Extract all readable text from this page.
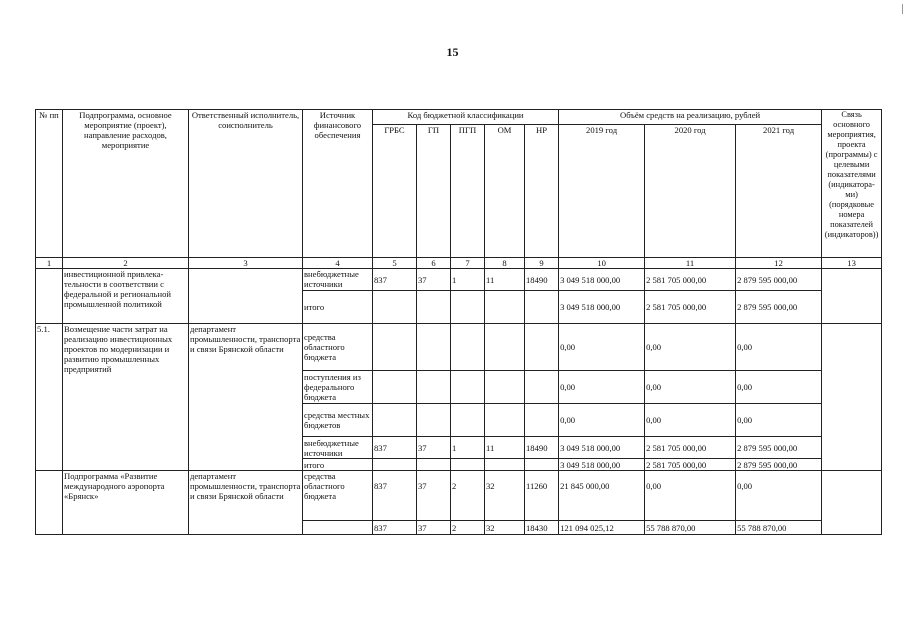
15
№ пп	Подпрограмма, основное мероприятие (проект), направление расходов, мероприятие	Ответственный исполнитель, соисполнитель	Источник финансового обеспечения	Код бюджетной классификации					Объём средств на реализацию, рублей			Связь основного мероприятия, проекта (программы) с целевыми показателями (индикатора-ми) (порядковые номера показателей (индикаторов))
				ГРБС	ГП	ПГП	ОМ	НР	2019 год	2020 год	2021 год	
1	2	3	4	5	6	7	8	9	10	11	12	13
	инвестиционной привлека-тельности в соответствии с федеральной и региональной промышленной политикой		внебюджетные источники	837	37	1	11	18490	3 049 518 000,00	2 581 705 000,00	2 879 595 000,00	
			итого						3 049 518 000,00	2 581 705 000,00	2 879 595 000,00	
5.1.	Возмещение части затрат на реализацию инвестиционных проектов по модернизации и развитию промышленных предприятий	департамент промышленности, транспорта и связи Брянской области	средства областного бюджета						0,00	0,00	0,00	
			поступления из федерального бюджета						0,00	0,00	0,00	
			средства местных бюджетов						0,00	0,00	0,00	
			внебюджетные источники	837	37	1	11	18490	3 049 518 000,00	2 581 705 000,00	2 879 595 000,00	
			итого						3 049 518 000,00	2 581 705 000,00	2 879 595 000,00	
	Подпрограмма «Развитие международного аэропорта «Брянск»	департамент промышленности, транспорта и связи Брянской области	средства областного бюджета	837	37	2	32	11260	21 845 000,00	0,00	0,00	
				837	37	2	32	18430	121 094 025,12	55 788 870,00	55 788 870,00	
